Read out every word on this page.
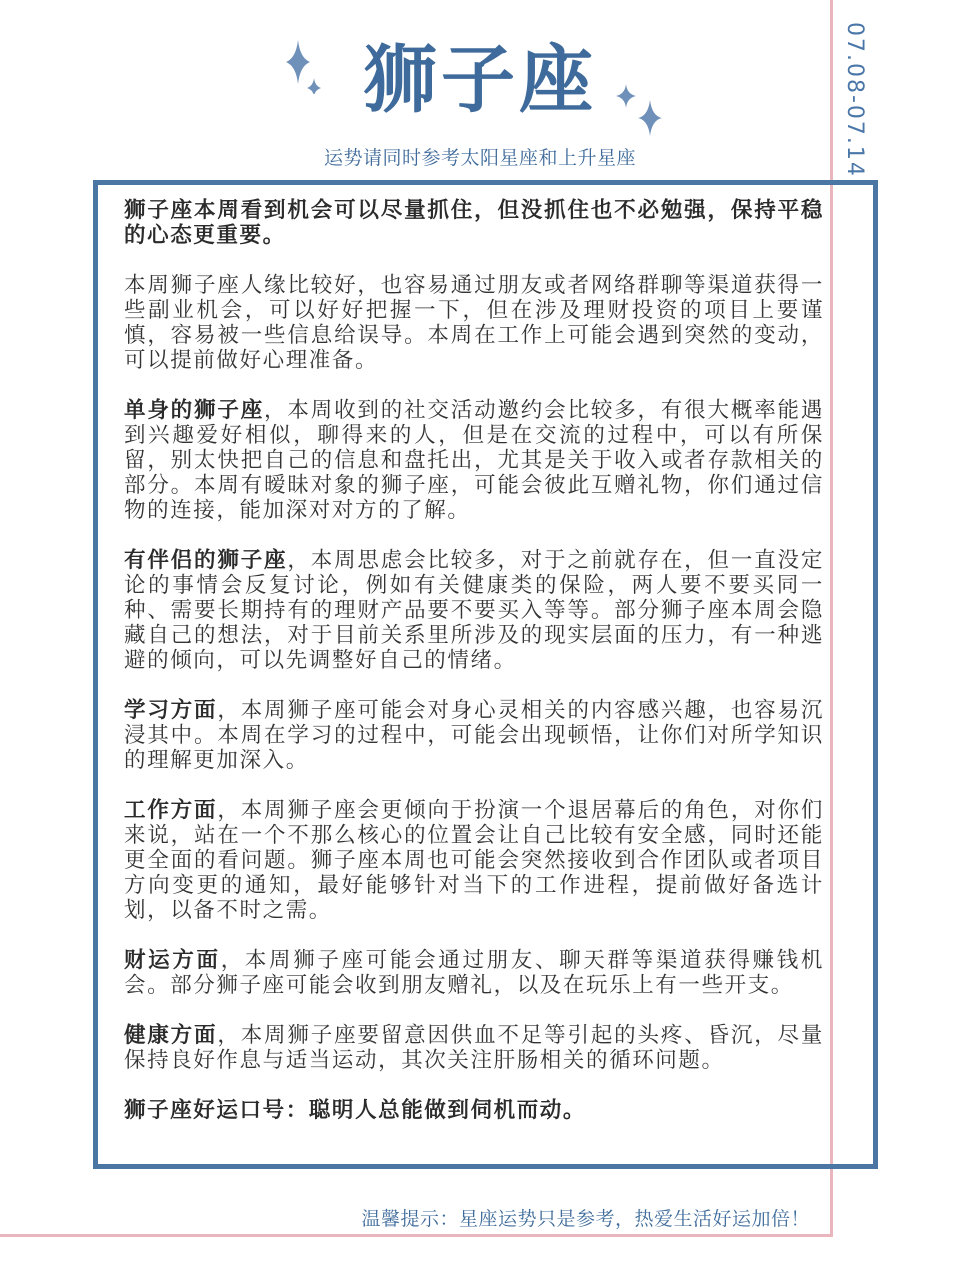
07.08-07.14
狮子座
运势请同时参考太阳星座和上升星座

狮子座本周看到机会可以尽量抓住，但没抓住也不必勉强，保持平稳的心态更重要。

本周狮子座人缘比较好，也容易通过朋友或者网络群聊等渠道获得一些副业机会，可以好好把握一下，但在涉及理财投资的项目上要谨慎，容易被一些信息给误导。本周在工作上可能会遇到突然的变动，可以提前做好心理准备。

单身的狮子座，本周收到的社交活动邀约会比较多，有很大概率能遇到兴趣爱好相似，聊得来的人，但是在交流的过程中，可以有所保留，别太快把自己的信息和盘托出，尤其是关于收入或者存款相关的部分。本周有暧昧对象的狮子座，可能会彼此互赠礼物，你们通过信物的连接，能加深对对方的了解。

有伴侣的狮子座，本周思虑会比较多，对于之前就存在，但一直没定论的事情会反复讨论，例如有关健康类的保险，两人要不要买同一种、需要长期持有的理财产品要不要买入等等。部分狮子座本周会隐藏自己的想法，对于目前关系里所涉及的现实层面的压力，有一种逃避的倾向，可以先调整好自己的情绪。

学习方面，本周狮子座可能会对身心灵相关的内容感兴趣，也容易沉浸其中。本周在学习的过程中，可能会出现顿悟，让你们对所学知识的理解更加深入。

工作方面，本周狮子座会更倾向于扮演一个退居幕后的角色，对你们来说，站在一个不那么核心的位置会让自己比较有安全感，同时还能更全面的看问题。狮子座本周也可能会突然接收到合作团队或者项目方向变更的通知，最好能够针对当下的工作进程，提前做好备选计划，以备不时之需。

财运方面，本周狮子座可能会通过朋友、聊天群等渠道获得赚钱机会。部分狮子座可能会收到朋友赠礼，以及在玩乐上有一些开支。

健康方面，本周狮子座要留意因供血不足等引起的头疼、昏沉，尽量保持良好作息与适当运动，其次关注肝肠相关的循环问题。

狮子座好运口号：聪明人总能做到伺机而动。

温馨提示：星座运势只是参考，热爱生活好运加倍！
